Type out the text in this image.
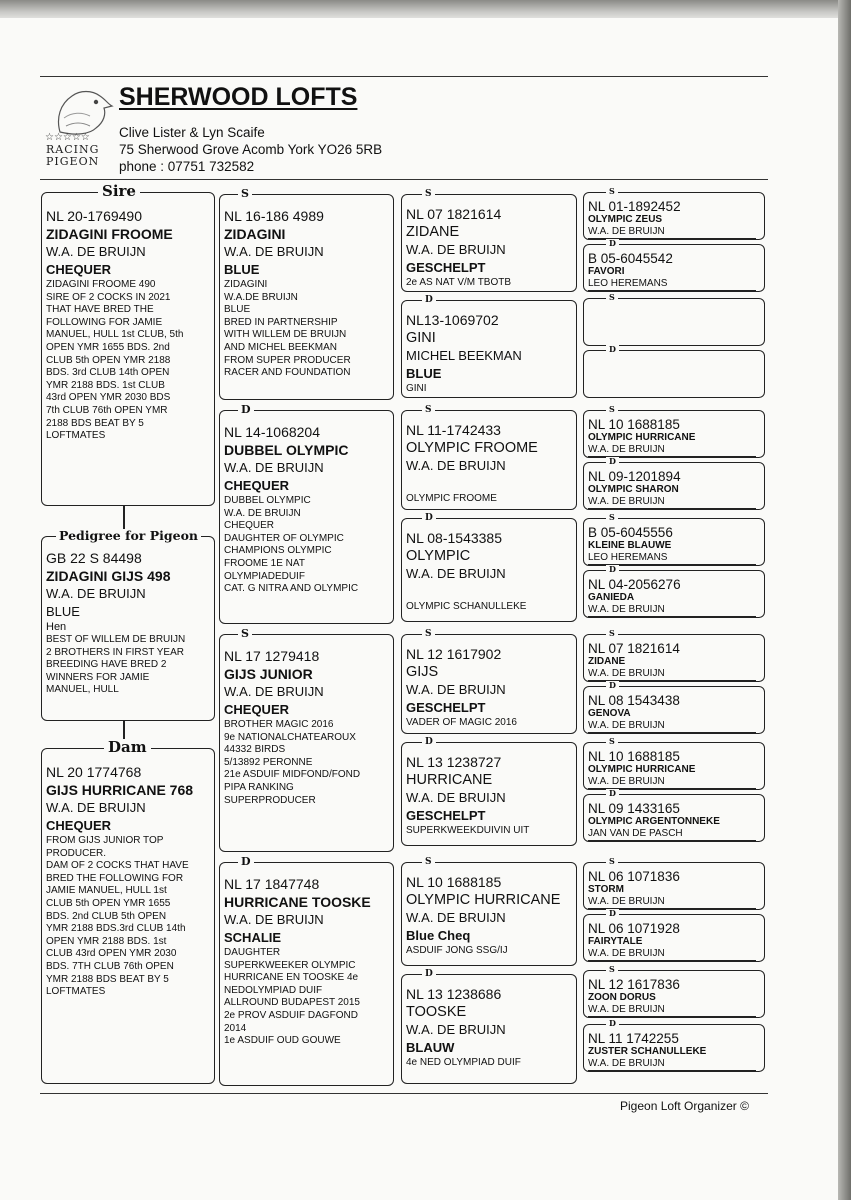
☆☆☆☆☆
RACING
PIGEON
SHERWOOD LOFTS
Clive Lister & Lyn Scaife
75 Sherwood Grove Acomb York YO26 5RB
phone : 07751 732582
Sire
NL 20-1769490
ZIDAGINI FROOME
W.A. DE BRUIJN
CHEQUER
ZIDAGINI FROOME 490
SIRE OF 2 COCKS IN 2021
THAT HAVE BRED THE
FOLLOWING FOR JAMIE
MANUEL, HULL 1st CLUB, 5th
OPEN YMR 1655 BDS. 2nd
CLUB 5th OPEN YMR 2188
BDS. 3rd CLUB 14th OPEN
YMR 2188 BDS. 1st CLUB
43rd OPEN YMR 2030 BDS
7th CLUB 76th OPEN YMR
2188 BDS BEAT BY 5
LOFTMATES
Pedigree for Pigeon
GB 22 S 84498
ZIDAGINI GIJS 498
W.A. DE BRUIJN
BLUE
Hen
BEST OF WILLEM DE BRUIJN
2 BROTHERS IN FIRST YEAR
BREEDING HAVE BRED 2
WINNERS FOR JAMIE
MANUEL, HULL
Dam
NL 20 1774768
GIJS HURRICANE 768
W.A. DE BRUIJN
CHEQUER
FROM GIJS JUNIOR TOP
PRODUCER.
DAM OF 2 COCKS THAT HAVE
BRED THE FOLLOWING FOR
JAMIE MANUEL, HULL 1st
CLUB 5th OPEN YMR 1655
BDS. 2nd CLUB 5th OPEN
YMR 2188 BDS.3rd CLUB 14th
OPEN YMR 2188 BDS. 1st
CLUB 43rd OPEN YMR 2030
BDS. 7TH CLUB 76th OPEN
YMR 2188 BDS BEAT BY 5
LOFTMATES
S
NL 16-186 4989
ZIDAGINI
W.A. DE BRUIJN
BLUE
ZIDAGINI
W.A.DE BRUIJN
BLUE
BRED IN PARTNERSHIP
WITH WILLEM DE BRUIJN
AND MICHEL BEEKMAN
FROM SUPER PRODUCER
RACER AND FOUNDATION
D
NL 14-1068204
DUBBEL OLYMPIC
W.A. DE BRUIJN
CHEQUER
DUBBEL OLYMPIC
W.A. DE BRUIJN
CHEQUER
DAUGHTER OF OLYMPIC
CHAMPIONS OLYMPIC
FROOME 1E NAT
OLYMPIADEDUIF
CAT. G NITRA AND OLYMPIC
S
NL 17 1279418
GIJS JUNIOR
W.A. DE BRUIJN
CHEQUER
BROTHER MAGIC 2016
9e NATIONALCHATEAROUX
44332 BIRDS
5/13892 PERONNE
21e ASDUIF MIDFOND/FOND
PIPA RANKING
SUPERPRODUCER
D
NL 17 1847748
HURRICANE TOOSKE
W.A. DE BRUIJN
SCHALIE
DAUGHTER
SUPERKWEEKER OLYMPIC
HURRICANE EN TOOSKE 4e
NEDOLYMPIAD DUIF
ALLROUND BUDAPEST 2015
2e PROV ASDUIF DAGFOND
2014
1e ASDUIF OUD GOUWE
S
NL 07 1821614
ZIDANE
W.A. DE BRUIJN
GESCHELPT
2e AS NAT V/M TBOTB
D
NL13-1069702
GINI
MICHEL BEEKMAN
BLUE
GINI
S
NL 11-1742433
OLYMPIC FROOME
W.A. DE BRUIJN
OLYMPIC FROOME
D
NL 08-1543385
OLYMPIC
W.A. DE BRUIJN
OLYMPIC SCHANULLEKE
S
NL 12 1617902
GIJS
W.A. DE BRUIJN
GESCHELPT
VADER OF MAGIC 2016
D
NL 13 1238727
HURRICANE
W.A. DE BRUIJN
GESCHELPT
SUPERKWEEKDUIVIN UIT
S
NL 10 1688185
OLYMPIC HURRICANE
W.A. DE BRUIJN
Blue Cheq
ASDUIF JONG SSG/IJ
D
NL 13 1238686
TOOSKE
W.A. DE BRUIJN
BLAUW
4e NED OLYMPIAD DUIF
S
NL 01-1892452
OLYMPIC ZEUS
W.A. DE BRUIJN
D
B 05-6045542
FAVORI
LEO HEREMANS
S
D
S
NL 10 1688185
OLYMPIC HURRICANE
W.A. DE BRUIJN
D
NL 09-1201894
OLYMPIC SHARON
W.A. DE BRUIJN
S
B 05-6045556
KLEINE BLAUWE
LEO HEREMANS
D
NL 04-2056276
GANIEDA
W.A. DE BRUIJN
S
NL 07 1821614
ZIDANE
W.A. DE BRUIJN
D
NL 08 1543438
GENOVA
W.A. DE BRUIJN
S
NL 10 1688185
OLYMPIC HURRICANE
W.A. DE BRUIJN
D
NL 09 1433165
OLYMPIC ARGENTONNEKE
JAN VAN DE PASCH
S
NL 06 1071836
STORM
W.A. DE BRUIJN
D
NL 06 1071928
FAIRYTALE
W.A. DE BRUIJN
S
NL 12 1617836
ZOON DORUS
W.A. DE BRUIJN
D
NL 11 1742255
ZUSTER SCHANULLEKE
W.A. DE BRUIJN
Pigeon Loft Organizer ©
